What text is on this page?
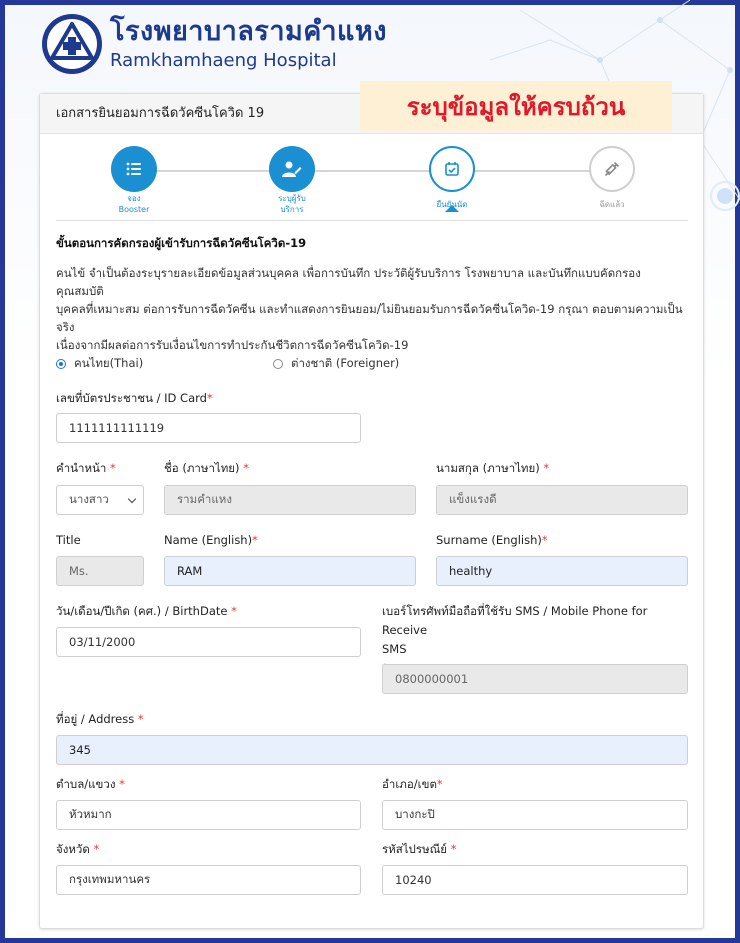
โรงพยาบาลรามคำแหง
Ramkhamhaeng Hospital
ระบุข้อมูลให้ครบถ้วน
เอกสารยินยอมการฉีดวัคซีนโควิด 19
จอง
Booster
ระบุผู้รับ
บริการ
ยืนยันนัด	ฉีดแล้ว
ขั้นตอนการคัดกรองผู้เข้ารับการฉีดวัคซีนโควิด-19
คนไข้ จำเป็นต้องระบุรายละเอียดข้อมูลส่วนบุคคล เพื่อการบันทึก ประวัติผู้รับบริการ โรงพยาบาล และบันทึกแบบคัดกรอง คุณสมบัติ
บุคคลที่เหมาะสม ต่อการรับการฉีดวัคซีน และทำแสดงการยินยอม/ไม่ยินยอมรับการฉีดวัคซีนโควิด-19 กรุณา ตอบตามความเป็นจริง
เนื่องจากมีผลต่อการรับเงื่อนไขการทำประกันชีวิตการฉีดวัคซีนโควิด-19
คนไทย(Thai)	ต่างชาติ (Foreigner)
เลขที่บัตรประชาชน / ID Card*
1111111111119
คำนำหน้า *	ชื่อ (ภาษาไทย) *	นามสกุล (ภาษาไทย) *
นางสาว	รามคำแหง	แข็งแรงดี
Title	Name (English)*	Surname (English)*
Ms.	RAM	healthy
วัน/เดือน/ปีเกิด (คศ.) / BirthDate *
03/11/2000
เบอร์โทรศัพท์มือถือที่ใช้รับ SMS / Mobile Phone for Receive
SMS
0800000001
ที่อยู่ / Address *
345
ตำบล/แขวง *	อำเภอ/เขต*
หัวหมาก	บางกะปิ
จังหวัด *	รหัสไปรษณีย์ *
กรุงเทพมหานคร	10240
